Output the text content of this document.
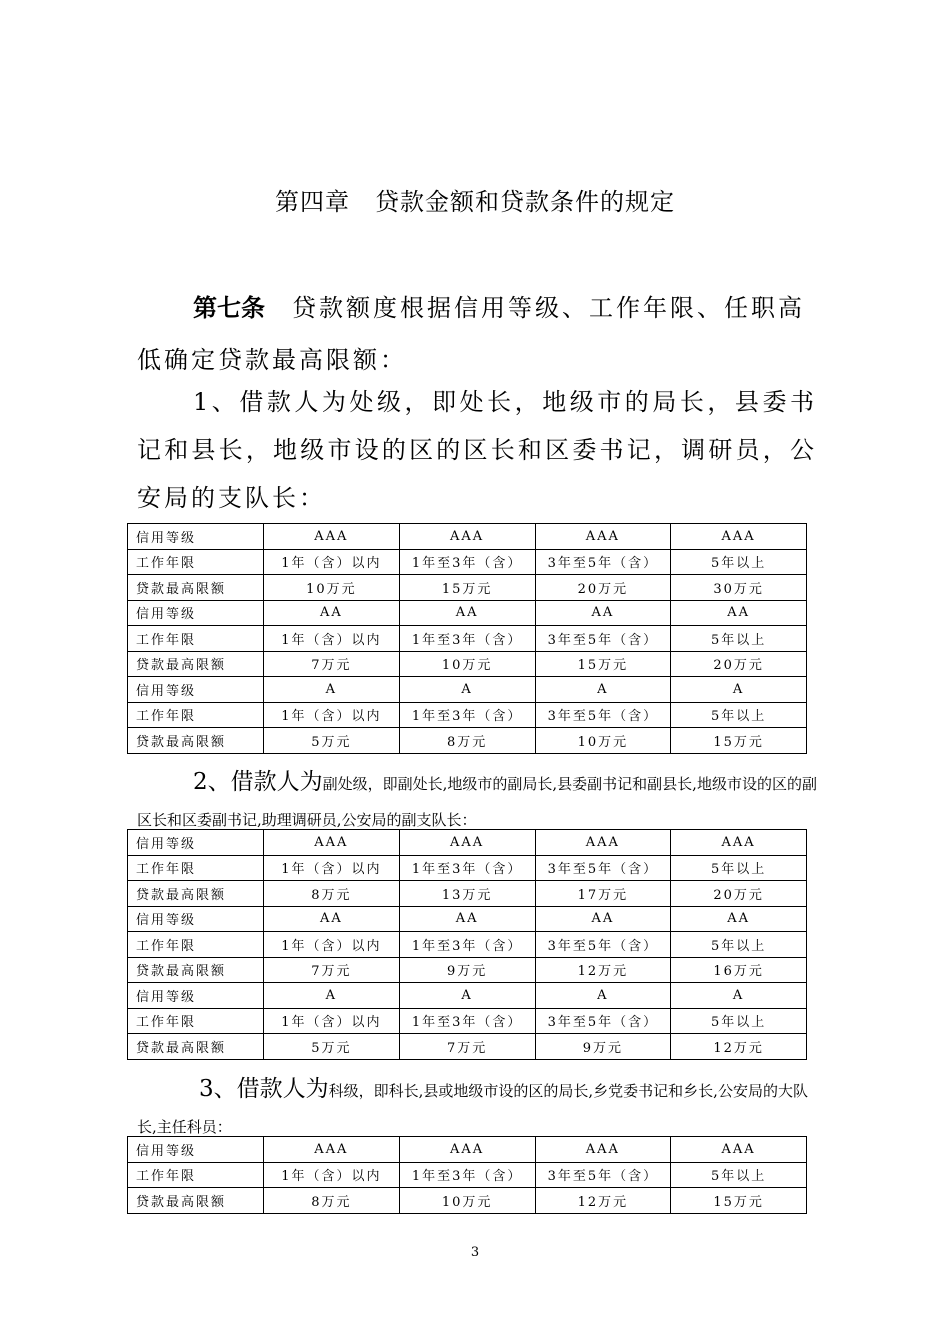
第四章　贷款金额和贷款条件的规定
第七条　贷款额度根据信用等级、工作年限、任职高低确定贷款最高限额：
1、借款人为处级，即处长，地级市的局长，县委书记和县长，地级市设的区的区长和区委书记，调研员，公安局的支队长：
信用等级	AAA	AAA	AAA	AAA
工作年限	1年（含）以内	1年至3年（含）	3年至5年（含）	5年以上
贷款最高限额	10万元	15万元	20万元	30万元
信用等级	AA	AA	AA	AA
工作年限	1年（含）以内	1年至3年（含）	3年至5年（含）	5年以上
贷款最高限额	7万元	10万元	15万元	20万元
信用等级	A	A	A	A
工作年限	1年（含）以内	1年至3年（含）	3年至5年（含）	5年以上
贷款最高限额	5万元	8万元	10万元	15万元
2、借款人为副处级，即副处长,地级市的副局长,县委副书记和副县长,地级市设的区的副区长和区委副书记,助理调研员,公安局的副支队长：
信用等级	AAA	AAA	AAA	AAA
工作年限	1年（含）以内	1年至3年（含）	3年至5年（含）	5年以上
贷款最高限额	8万元	13万元	17万元	20万元
信用等级	AA	AA	AA	AA
工作年限	1年（含）以内	1年至3年（含）	3年至5年（含）	5年以上
贷款最高限额	7万元	9万元	12万元	16万元
信用等级	A	A	A	A
工作年限	1年（含）以内	1年至3年（含）	3年至5年（含）	5年以上
贷款最高限额	5万元	7万元	9万元	12万元
3、借款人为科级，即科长,县或地级市设的区的局长,乡党委书记和乡长,公安局的大队长,主任科员：
信用等级	AAA	AAA	AAA	AAA
工作年限	1年（含）以内	1年至3年（含）	3年至5年（含）	5年以上
贷款最高限额	8万元	10万元	12万元	15万元
3
